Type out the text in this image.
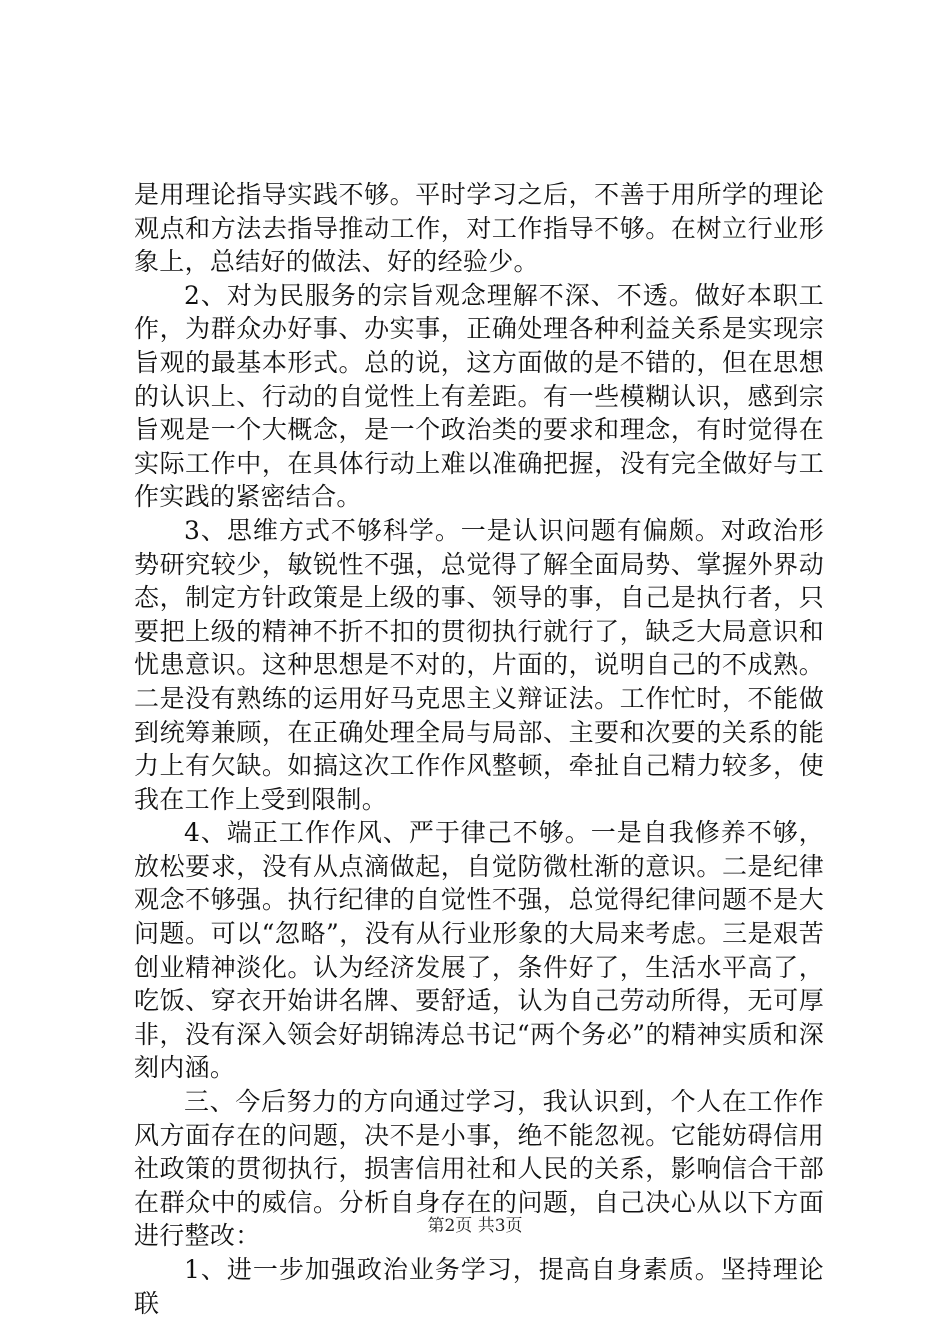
是用理论指导实践不够。平时学习之后，不善于用所学的理论观点和方法去指导推动工作，对工作指导不够。在树立行业形象上，总结好的做法、好的经验少。

2、对为民服务的宗旨观念理解不深、不透。做好本职工作，为群众办好事、办实事，正确处理各种利益关系是实现宗旨观的最基本形式。总的说，这方面做的是不错的，但在思想的认识上、行动的自觉性上有差距。有一些模糊认识，感到宗旨观是一个大概念，是一个政治类的要求和理念，有时觉得在实际工作中，在具体行动上难以准确把握，没有完全做好与工作实践的紧密结合。

3、思维方式不够科学。一是认识问题有偏颇。对政治形势研究较少，敏锐性不强，总觉得了解全面局势、掌握外界动态，制定方针政策是上级的事、领导的事，自己是执行者，只要把上级的精神不折不扣的贯彻执行就行了，缺乏大局意识和忧患意识。这种思想是不对的，片面的，说明自己的不成熟。二是没有熟练的运用好马克思主义辩证法。工作忙时，不能做到统筹兼顾，在正确处理全局与局部、主要和次要的关系的能力上有欠缺。如搞这次工作作风整顿，牵扯自己精力较多，使我在工作上受到限制。

4、端正工作作风、严于律己不够。一是自我修养不够，放松要求，没有从点滴做起，自觉防微杜渐的意识。二是纪律观念不够强。执行纪律的自觉性不强，总觉得纪律问题不是大问题。可以“忽略”，没有从行业形象的大局来考虑。三是艰苦创业精神淡化。认为经济发展了，条件好了，生活水平高了，吃饭、穿衣开始讲名牌、要舒适，认为自己劳动所得，无可厚非，没有深入领会好胡锦涛总书记“两个务必”的精神实质和深刻内涵。

三、今后努力的方向通过学习，我认识到，个人在工作作风方面存在的问题，决不是小事，绝不能忽视。它能妨碍信用社政策的贯彻执行，损害信用社和人民的关系，影响信合干部在群众中的威信。分析自身存在的问题，自己决心从以下方面进行整改：

1、进一步加强政治业务学习，提高自身素质。坚持理论联

第2页 共3页
